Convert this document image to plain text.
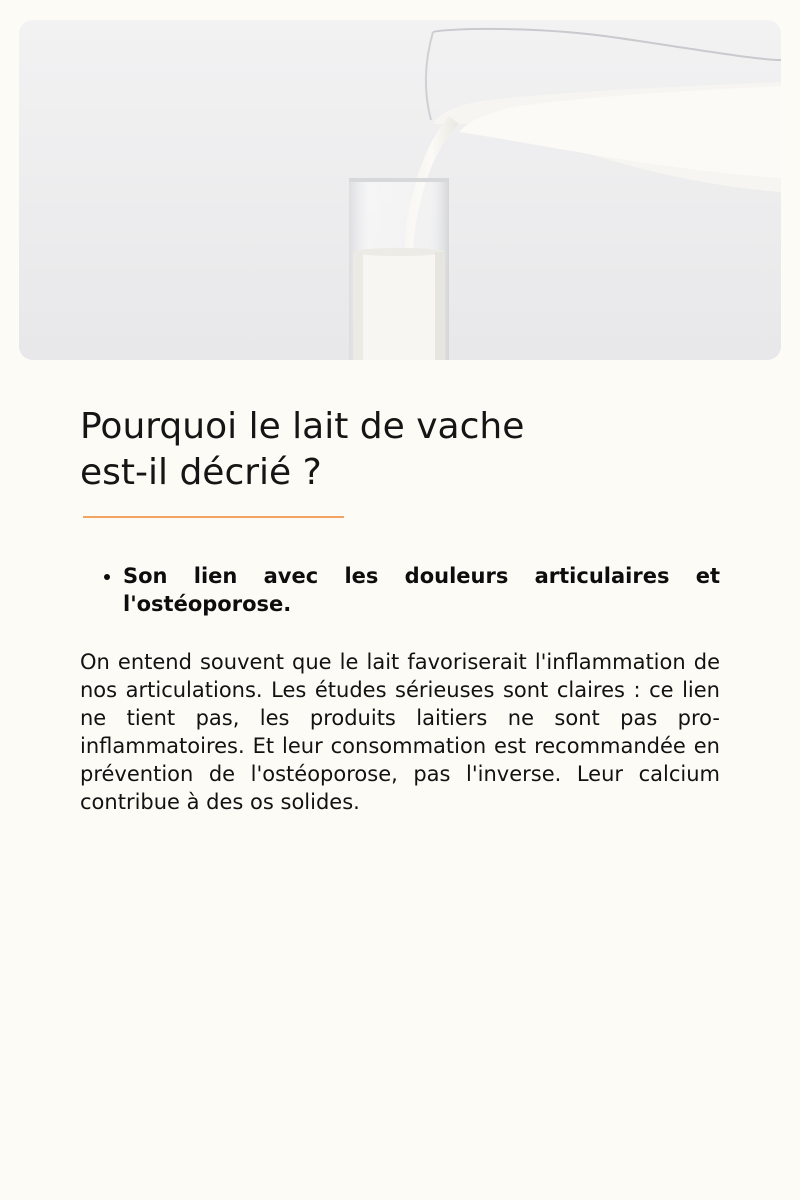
Pourquoi le lait de vache
est-il décrié ?
• Son lien avec les douleurs articulaires et l'ostéoporose.

On entend souvent que le lait favoriserait l'inflammation de nos articulations. Les études sérieuses sont claires : ce lien ne tient pas, les produits laitiers ne sont pas pro-inflammatoires. Et leur consommation est recommandée en prévention de l'ostéoporose, pas l'inverse. Leur calcium contribue à des os solides.
